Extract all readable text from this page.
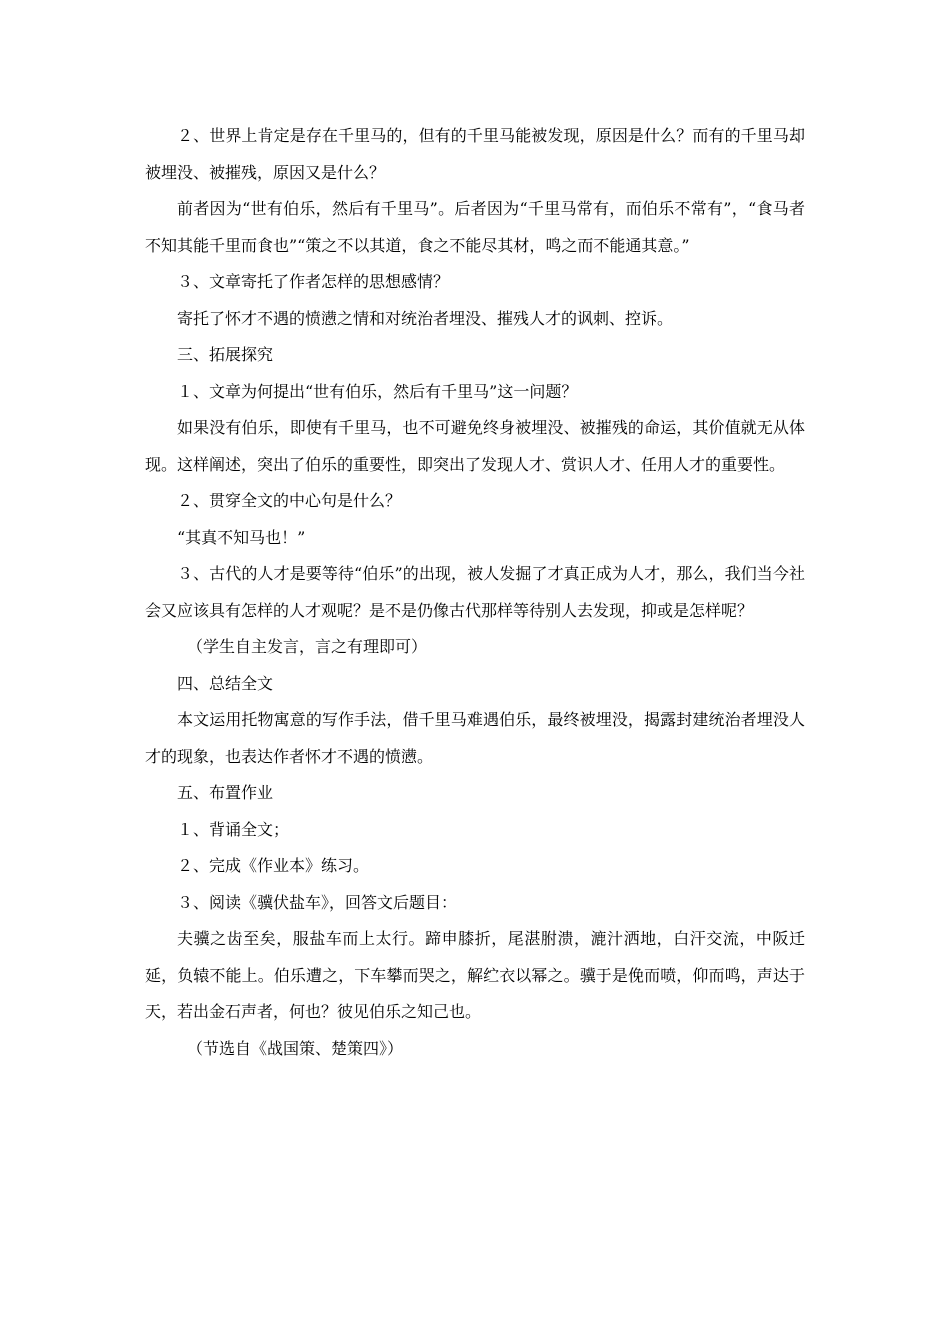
２、世界上肯定是存在千里马的，但有的千里马能被发现，原因是什么？而有的千里马却被埋没、被摧残，原因又是什么？

前者因为“世有伯乐，然后有千里马”。后者因为“千里马常有，而伯乐不常有”，“食马者不知其能千里而食也”“策之不以其道，食之不能尽其材，鸣之而不能通其意。”

３、文章寄托了作者怎样的思想感情？

寄托了怀才不遇的愤懑之情和对统治者埋没、摧残人才的讽刺、控诉。

三、拓展探究

１、文章为何提出“世有伯乐，然后有千里马”这一问题？

如果没有伯乐，即使有千里马，也不可避免终身被埋没、被摧残的命运，其价值就无从体现。这样阐述，突出了伯乐的重要性，即突出了发现人才、赏识人才、任用人才的重要性。

２、贯穿全文的中心句是什么？

“其真不知马也！”

３、古代的人才是要等待“伯乐”的出现，被人发掘了才真正成为人才，那么，我们当今社会又应该具有怎样的人才观呢？是不是仍像古代那样等待别人去发现，抑或是怎样呢？

（学生自主发言，言之有理即可）

四、总结全文

本文运用托物寓意的写作手法，借千里马难遇伯乐，最终被埋没，揭露封建统治者埋没人才的现象，也表达作者怀才不遇的愤懑。

五、布置作业

１、背诵全文；

２、完成《作业本》练习。

３、阅读《骥伏盐车》，回答文后题目：

夫骥之齿至矣，服盐车而上太行。蹄申膝折，尾湛胕溃，漉汁洒地，白汗交流，中阪迁延，负辕不能上。伯乐遭之，下车攀而哭之，解纻衣以幂之。骥于是俛而喷，仰而鸣，声达于天，若出金石声者，何也？彼见伯乐之知己也。

（节选自《战国策、楚策四》）
